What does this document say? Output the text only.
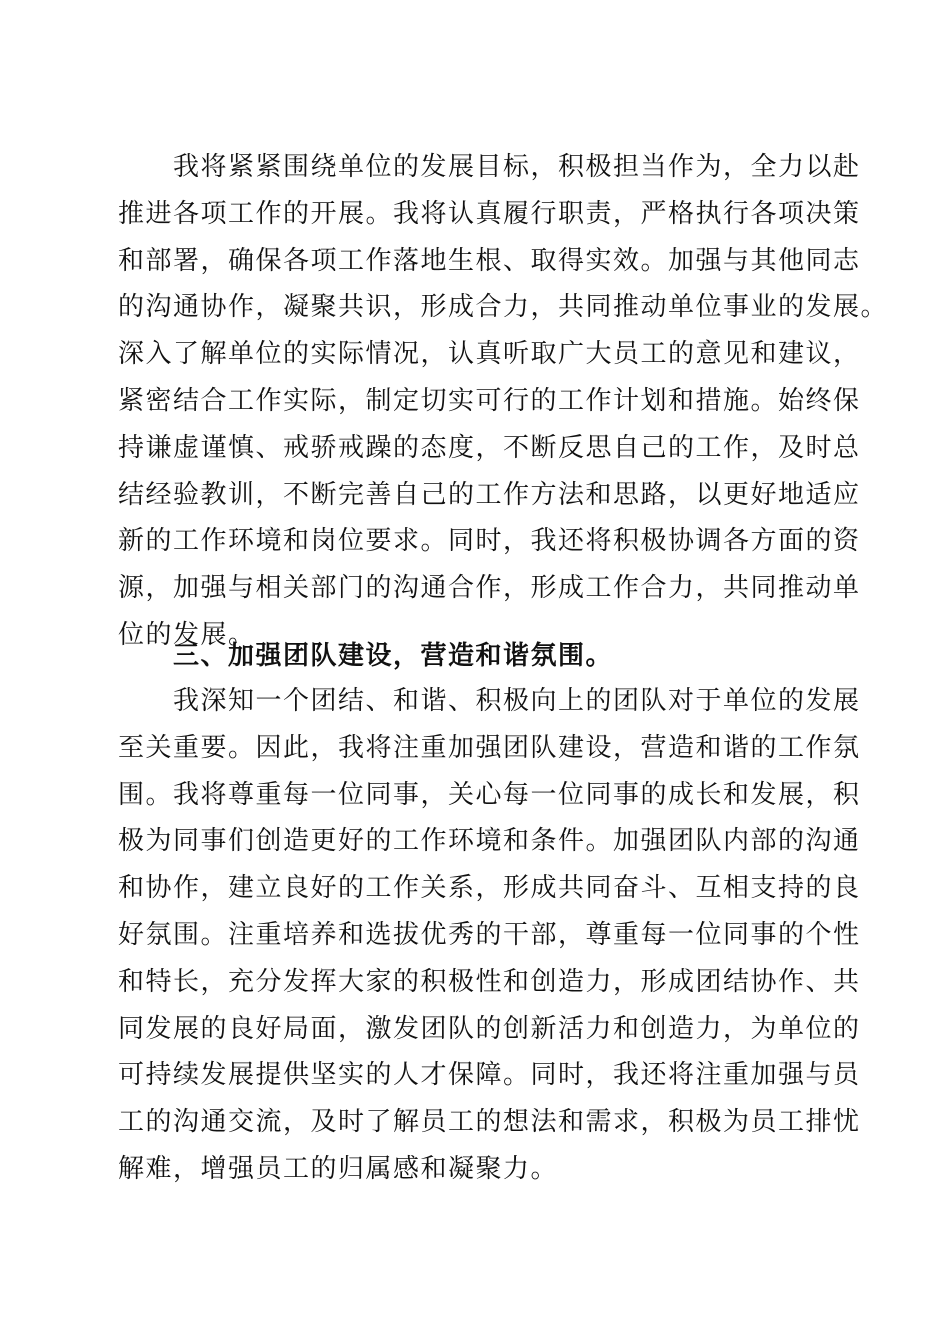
　　我将紧紧围绕单位的发展目标，积极担当作为，全力以赴
推进各项工作的开展。我将认真履行职责，严格执行各项决策
和部署，确保各项工作落地生根、取得实效。加强与其他同志
的沟通协作，凝聚共识，形成合力，共同推动单位事业的发展。
深入了解单位的实际情况，认真听取广大员工的意见和建议，
紧密结合工作实际，制定切实可行的工作计划和措施。始终保
持谦虚谨慎、戒骄戒躁的态度，不断反思自己的工作，及时总
结经验教训，不断完善自己的工作方法和思路，以更好地适应
新的工作环境和岗位要求。同时，我还将积极协调各方面的资
源，加强与相关部门的沟通合作，形成工作合力，共同推动单
位的发展。
　　三、加强团队建设，营造和谐氛围。
　　我深知一个团结、和谐、积极向上的团队对于单位的发展
至关重要。因此，我将注重加强团队建设，营造和谐的工作氛
围。我将尊重每一位同事，关心每一位同事的成长和发展，积
极为同事们创造更好的工作环境和条件。加强团队内部的沟通
和协作，建立良好的工作关系，形成共同奋斗、互相支持的良
好氛围。注重培养和选拔优秀的干部，尊重每一位同事的个性
和特长，充分发挥大家的积极性和创造力，形成团结协作、共
同发展的良好局面，激发团队的创新活力和创造力，为单位的
可持续发展提供坚实的人才保障。同时，我还将注重加强与员
工的沟通交流，及时了解员工的想法和需求，积极为员工排忧
解难，增强员工的归属感和凝聚力。
